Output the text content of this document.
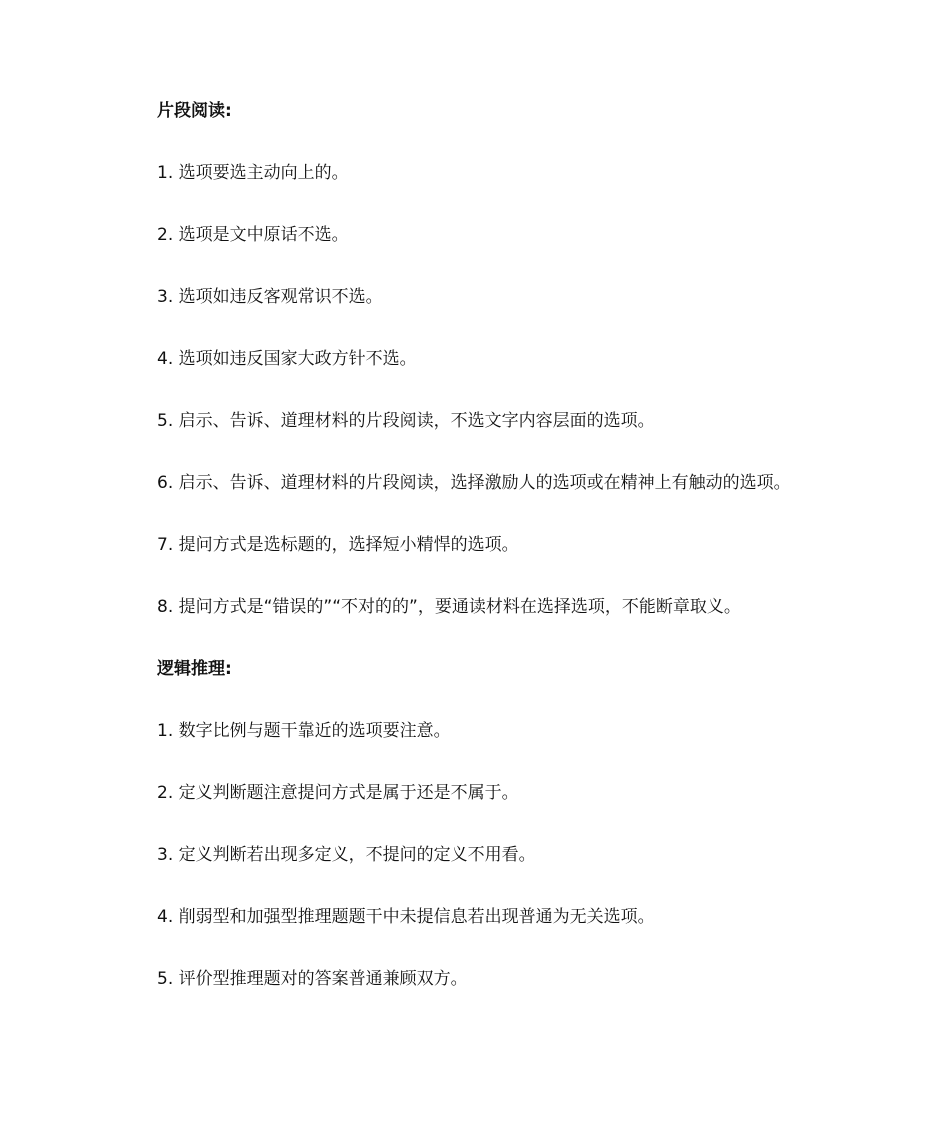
片段阅读:
1. 选项要选主动向上的。
2. 选项是文中原话不选。
3. 选项如违反客观常识不选。
4. 选项如违反国家大政方针不选。
5. 启示、告诉、道理材料的片段阅读，不选文字内容层面的选项。
6. 启示、告诉、道理材料的片段阅读，选择激励人的选项或在精神上有触动的选项。
7. 提问方式是选标题的，选择短小精悍的选项。
8. 提问方式是“错误的”“不对的的”，要通读材料在选择选项，不能断章取义。
逻辑推理:
1. 数字比例与题干靠近的选项要注意。
2. 定义判断题注意提问方式是属于还是不属于。
3. 定义判断若出现多定义，不提问的定义不用看。
4. 削弱型和加强型推理题题干中未提信息若出现普通为无关选项。
5. 评价型推理题对的答案普通兼顾双方。
